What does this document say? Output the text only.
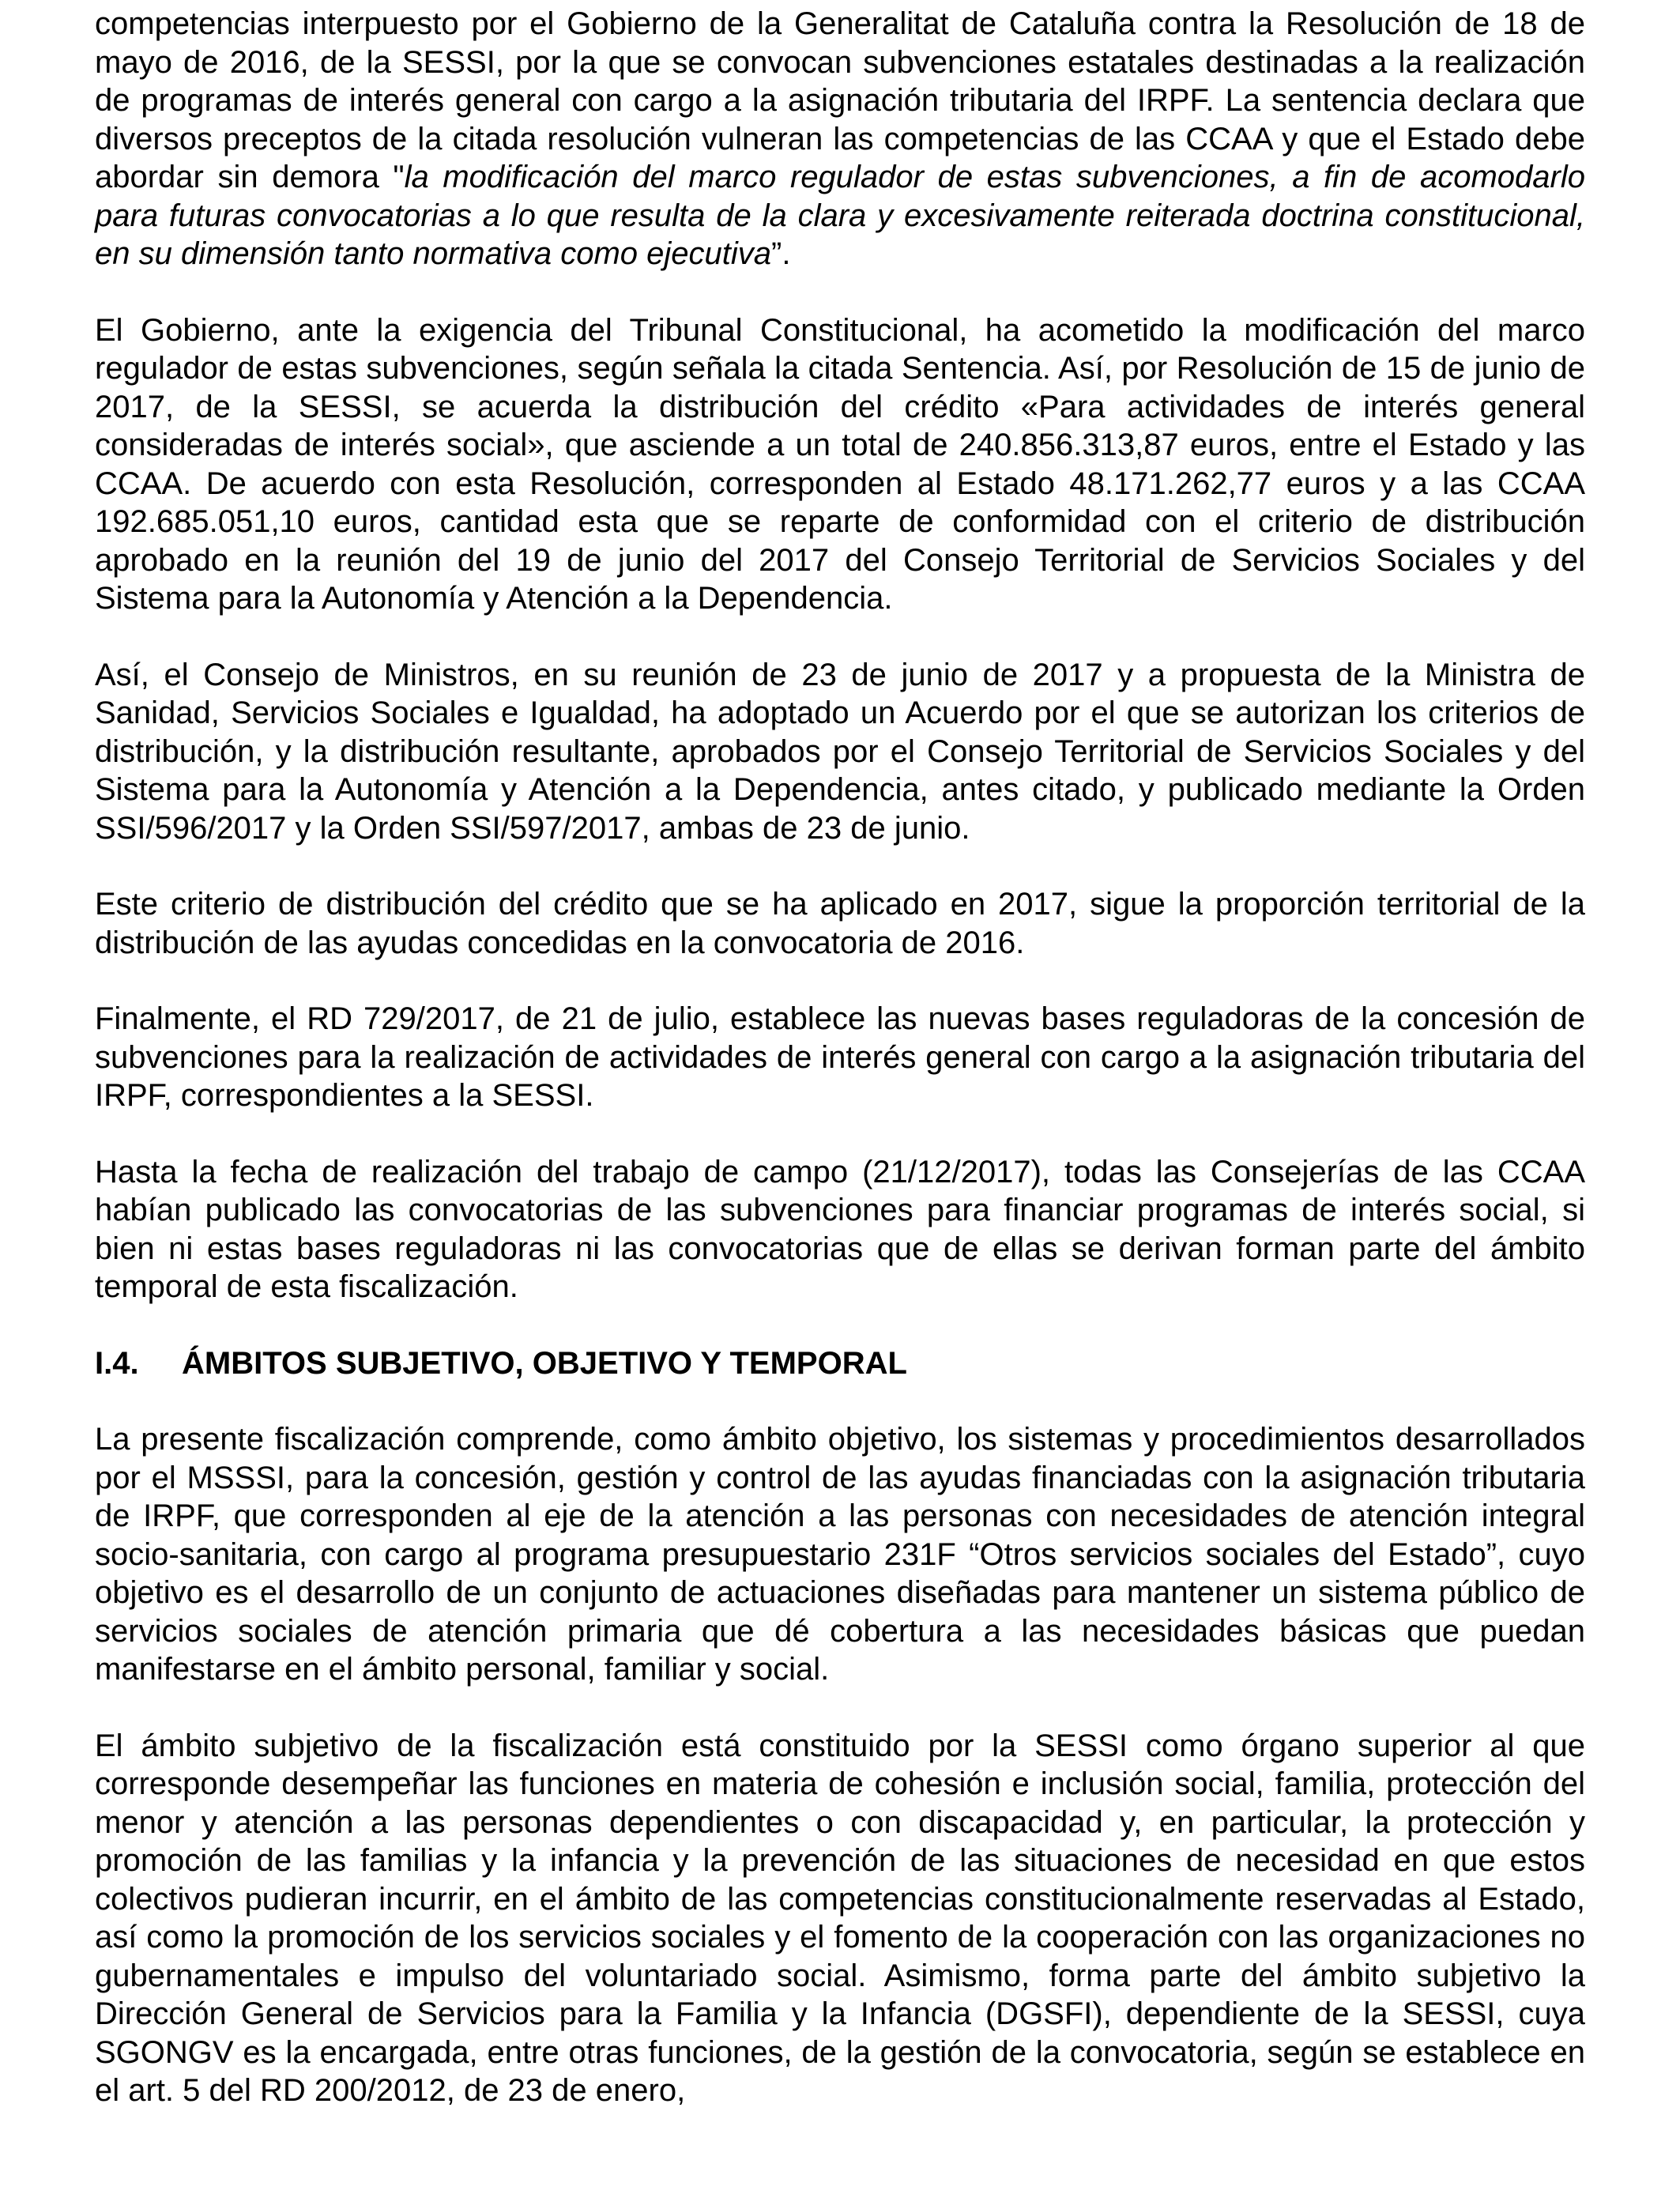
competencias interpuesto por el Gobierno de la Generalitat de Cataluña contra la Resolución de 18 de mayo de 2016, de la SESSI, por la que se convocan subvenciones estatales destinadas a la realización de programas de interés general con cargo a la asignación tributaria del IRPF. La sentencia declara que diversos preceptos de la citada resolución vulneran las competencias de las CCAA y que el Estado debe abordar sin demora "la modificación del marco regulador de estas subvenciones, a fin de acomodarlo para futuras convocatorias a lo que resulta de la clara y excesivamente reiterada doctrina constitucional, en su dimensión tanto normativa como ejecutiva”.

El Gobierno, ante la exigencia del Tribunal Constitucional, ha acometido la modificación del marco regulador de estas subvenciones, según señala la citada Sentencia. Así, por Resolución de 15 de junio de 2017, de la SESSI, se acuerda la distribución del crédito «Para actividades de interés general consideradas de interés social», que asciende a un total de 240.856.313,87 euros, entre el Estado y las CCAA. De acuerdo con esta Resolución, corresponden al Estado 48.171.262,77 euros y a las CCAA 192.685.051,10 euros, cantidad esta que se reparte de conformidad con el criterio de distribución aprobado en la reunión del 19 de junio del 2017 del Consejo Territorial de Servicios Sociales y del Sistema para la Autonomía y Atención a la Dependencia.

Así, el Consejo de Ministros, en su reunión de 23 de junio de 2017 y a propuesta de la Ministra de Sanidad, Servicios Sociales e Igualdad, ha adoptado un Acuerdo por el que se autorizan los criterios de distribución, y la distribución resultante, aprobados por el Consejo Territorial de Servicios Sociales y del Sistema para la Autonomía y Atención a la Dependencia, antes citado, y publicado mediante la Orden SSI/596/2017 y la Orden SSI/597/2017, ambas de 23 de junio.

Este criterio de distribución del crédito que se ha aplicado en 2017, sigue la proporción territorial de la distribución de las ayudas concedidas en la convocatoria de 2016.

Finalmente, el RD 729/2017, de 21 de julio, establece las nuevas bases reguladoras de la concesión de subvenciones para la realización de actividades de interés general con cargo a la asignación tributaria del IRPF, correspondientes a la SESSI.

Hasta la fecha de realización del trabajo de campo (21/12/2017), todas las Consejerías de las CCAA habían publicado las convocatorias de las subvenciones para financiar programas de interés social, si bien ni estas bases reguladoras ni las convocatorias que de ellas se derivan forman parte del ámbito temporal de esta fiscalización.

I.4. ÁMBITOS SUBJETIVO, OBJETIVO Y TEMPORAL

La presente fiscalización comprende, como ámbito objetivo, los sistemas y procedimientos desarrollados por el MSSSI, para la concesión, gestión y control de las ayudas financiadas con la asignación tributaria de IRPF, que corresponden al eje de la atención a las personas con necesidades de atención integral socio-sanitaria, con cargo al programa presupuestario 231F “Otros servicios sociales del Estado”, cuyo objetivo es el desarrollo de un conjunto de actuaciones diseñadas para mantener un sistema público de servicios sociales de atención primaria que dé cobertura a las necesidades básicas que puedan manifestarse en el ámbito personal, familiar y social.

El ámbito subjetivo de la fiscalización está constituido por la SESSI como órgano superior al que corresponde desempeñar las funciones en materia de cohesión e inclusión social, familia, protección del menor y atención a las personas dependientes o con discapacidad y, en particular, la protección y promoción de las familias y la infancia y la prevención de las situaciones de necesidad en que estos colectivos pudieran incurrir, en el ámbito de las competencias constitucionalmente reservadas al Estado, así como la promoción de los servicios sociales y el fomento de la cooperación con las organizaciones no gubernamentales e impulso del voluntariado social. Asimismo, forma parte del ámbito subjetivo la Dirección General de Servicios para la Familia y la Infancia (DGSFI), dependiente de la SESSI, cuya SGONGV es la encargada, entre otras funciones, de la gestión de la convocatoria, según se establece en el art. 5 del RD 200/2012, de 23 de enero,
